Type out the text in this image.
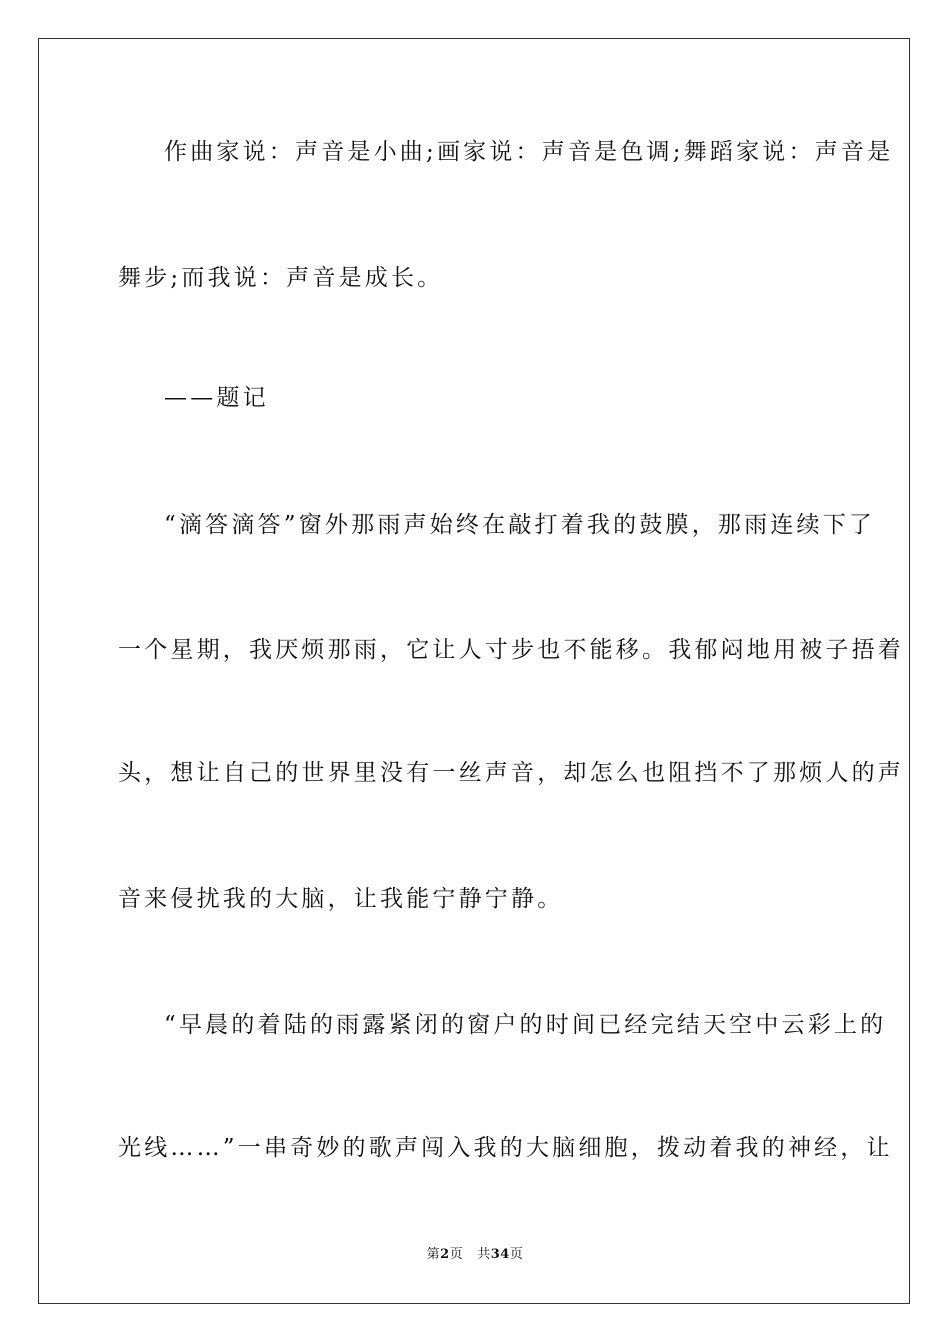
作曲家说：声音是小曲;画家说：声音是色调;舞蹈家说：声音是
舞步;而我说：声音是成长。
——题记
“滴答滴答”窗外那雨声始终在敲打着我的鼓膜，那雨连续下了
一个星期，我厌烦那雨，它让人寸步也不能移。我郁闷地用被子捂着
头，想让自己的世界里没有一丝声音，却怎么也阻挡不了那烦人的声
音来侵扰我的大脑，让我能宁静宁静。
“早晨的着陆的雨露紧闭的窗户的时间已经完结天空中云彩上的
光线……”一串奇妙的歌声闯入我的大脑细胞，拨动着我的神经，让
第2页 共34页
